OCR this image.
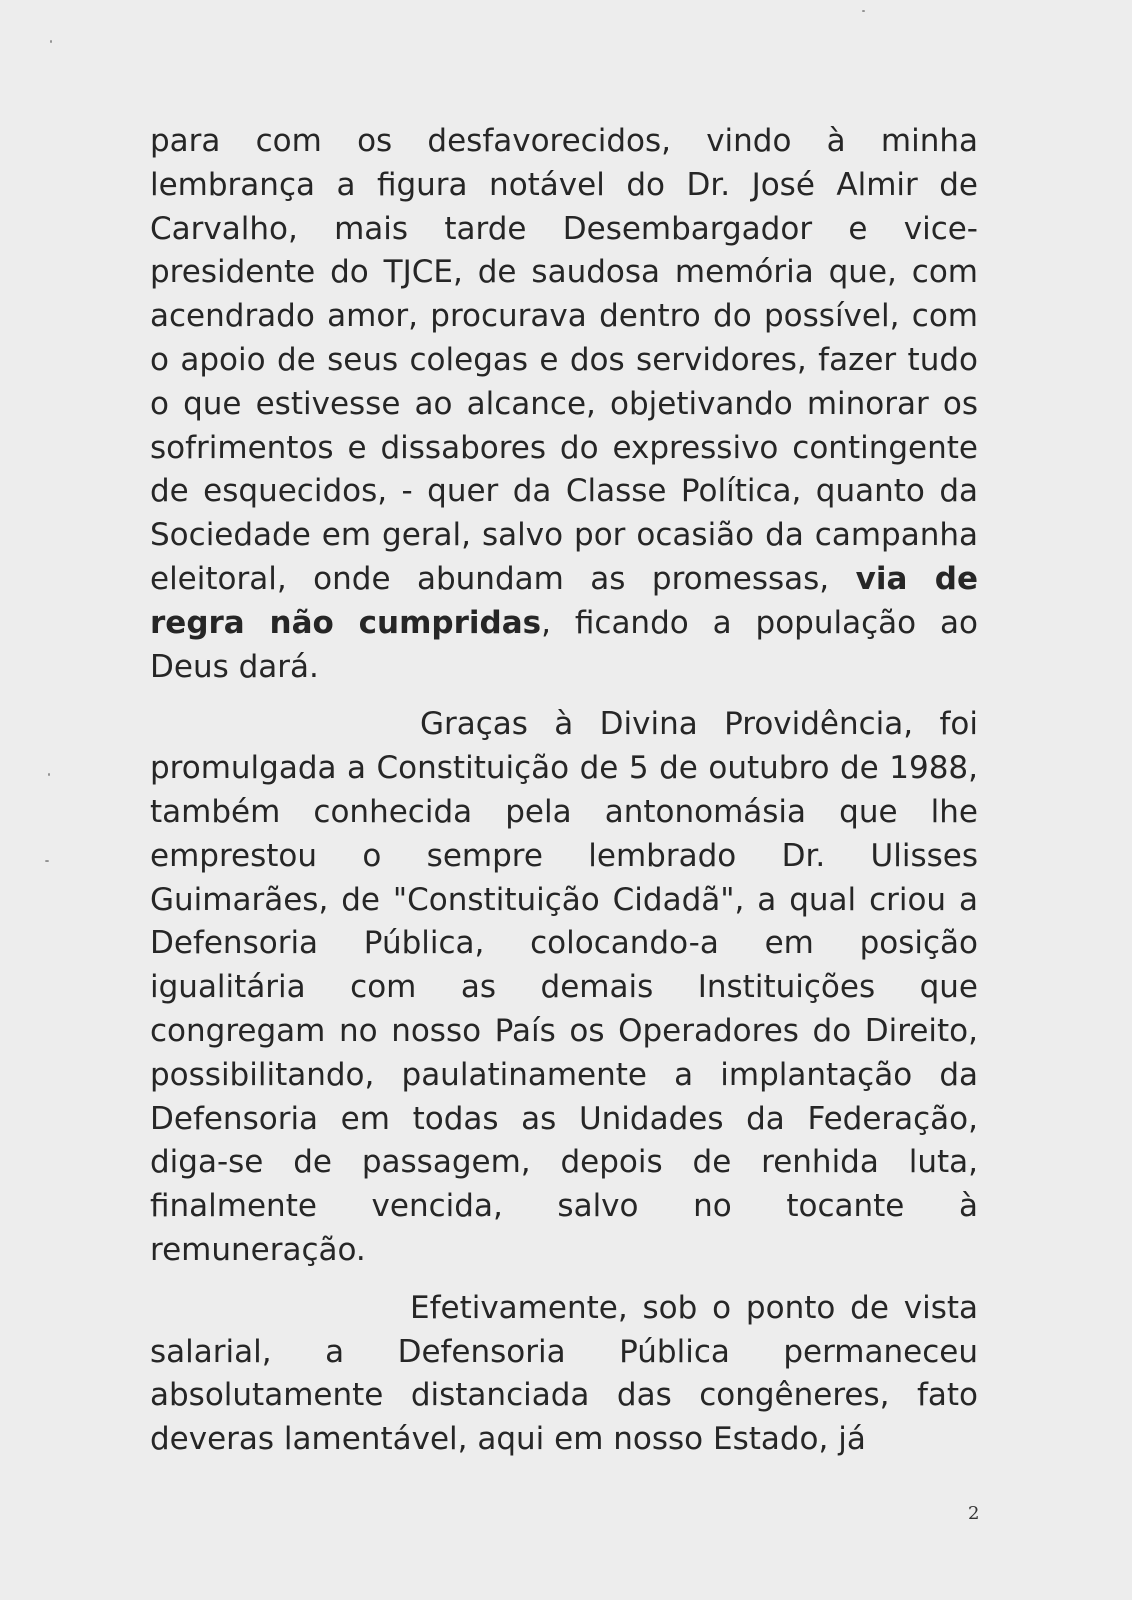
para com os desfavorecidos, vindo à minha lembrança a figura notável do Dr. José Almir de Carvalho, mais tarde Desembargador e vice-presidente do TJCE, de saudosa memória que, com acendrado amor, procurava dentro do possível, com o apoio de seus colegas e dos servidores, fazer tudo o que estivesse ao alcance, objetivando minorar os sofrimentos e dissabores do expressivo contingente de esquecidos, - quer da Classe Política, quanto da Sociedade em geral, salvo por ocasião da campanha eleitoral, onde abundam as promessas, via de regra não cumpridas, ficando a população ao Deus dará.

Graças à Divina Providência, foi promulgada a Constituição de 5 de outubro de 1988, também conhecida pela antonomásia que lhe emprestou o sempre lembrado Dr. Ulisses Guimarães, de "Constituição Cidadã", a qual criou a Defensoria Pública, colocando-a em posição igualitária com as demais Instituições que congregam no nosso País os Operadores do Direito, possibilitando, paulatinamente a implantação da Defensoria em todas as Unidades da Federação, diga-se de passagem, depois de renhida luta, finalmente vencida, salvo no tocante à remuneração.

Efetivamente, sob o ponto de vista salarial, a Defensoria Pública permaneceu absolutamente distanciada das congêneres, fato deveras lamentável, aqui em nosso Estado, já

2
